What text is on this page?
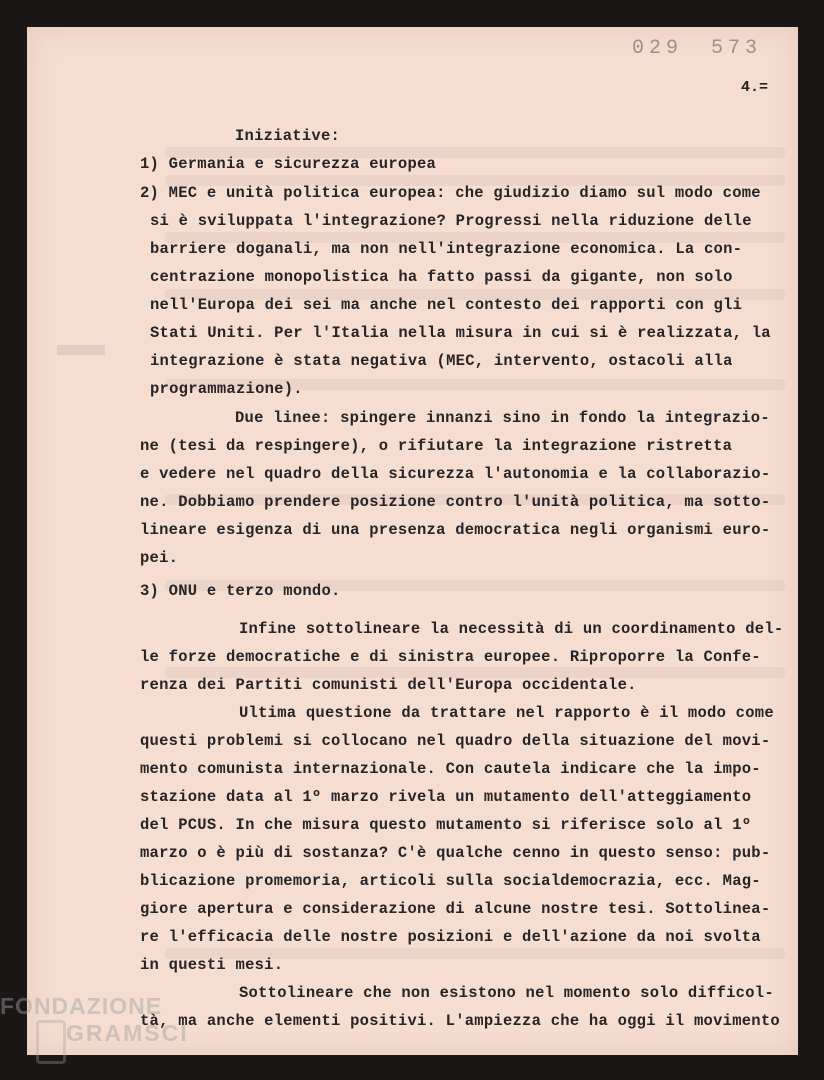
029 573
4.=
Iniziative:
1) Germania e sicurezza europea
2) MEC e unità politica europea: che giudizio diamo sul modo come
si è sviluppata l'integrazione? Progressi nella riduzione delle
barriere doganali, ma non nell'integrazione economica. La con-
centrazione monopolistica ha fatto passi da gigante, non solo
nell'Europa dei sei ma anche nel contesto dei rapporti con gli
Stati Uniti. Per l'Italia nella misura in cui si è realizzata, la
integrazione è stata negativa (MEC, intervento, ostacoli alla
programmazione).
Due linee: spingere innanzi sino in fondo la integrazio-
ne (tesi da respingere), o rifiutare la integrazione ristretta
e vedere nel quadro della sicurezza l'autonomia e la collaborazio-
ne. Dobbiamo prendere posizione contro l'unità politica, ma sotto-
lineare esigenza di una presenza democratica negli organismi euro-
pei.
3) ONU e terzo mondo.
Infine sottolineare la necessità di un coordinamento del-
le forze democratiche e di sinistra europee. Riproporre la Confe-
renza dei Partiti comunisti dell'Europa occidentale.
Ultima questione da trattare nel rapporto è il modo come
questi problemi si collocano nel quadro della situazione del movi-
mento comunista internazionale. Con cautela indicare che la impo-
stazione data al 1º marzo rivela un mutamento dell'atteggiamento
del PCUS. In che misura questo mutamento si riferisce solo al 1º
marzo o è più di sostanza? C'è qualche cenno in questo senso: pub-
blicazione promemoria, articoli sulla socialdemocrazia, ecc. Mag-
giore apertura e considerazione di alcune nostre tesi. Sottolinea-
re l'efficacia delle nostre posizioni e dell'azione da noi svolta
in questi mesi.
Sottolineare che non esistono nel momento solo difficol-
tà, ma anche elementi positivi. L'ampiezza che ha oggi il movimento
FONDAZIONE
GRAMSCI
